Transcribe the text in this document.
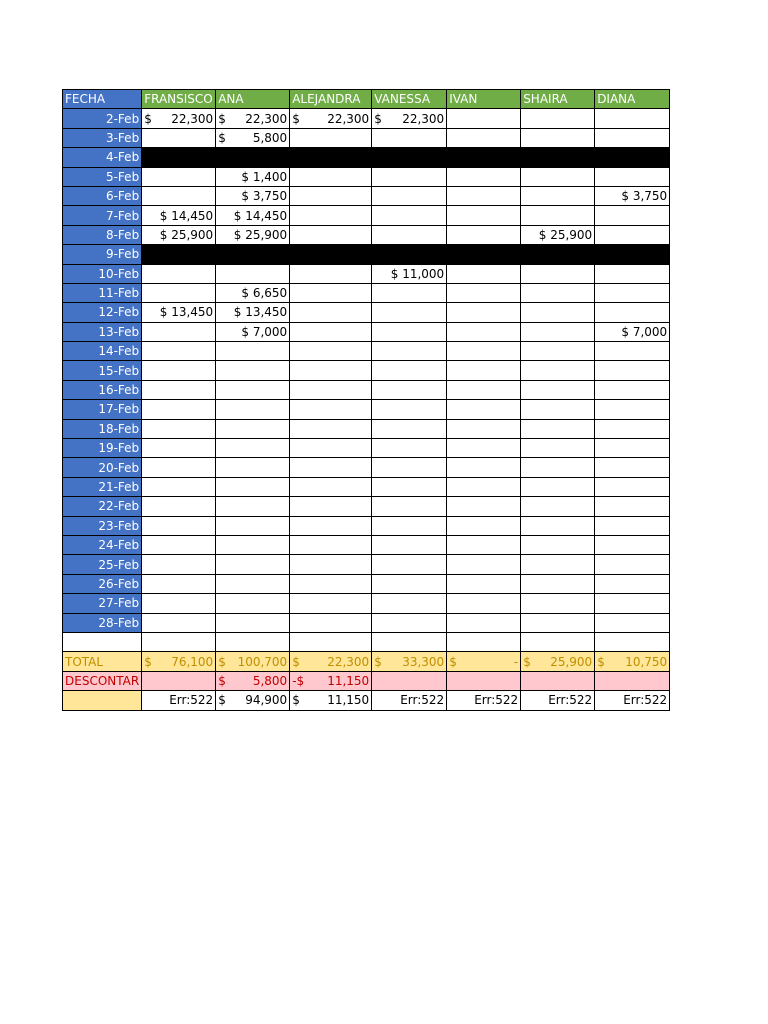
FECHA	FRANSISCO	ANA	ALEJANDRA	VANESSA	IVAN	SHAIRA	DIANA
2-Feb	$ 22,300	$ 22,300	$ 22,300	$ 22,300			

3-Feb		$ 5,800					

4-Feb							
5-Feb		$ 1,400					
6-Feb		$ 3,750					$ 3,750
7-Feb	$ 14,450	$ 14,450					
8-Feb	$ 25,900	$ 25,900				$ 25,900	
9-Feb							
10-Feb				$ 11,000			
11-Feb		$ 6,650					
12-Feb	$ 13,450	$ 13,450					
13-Feb		$ 7,000					$ 7,000
14-Feb							
15-Feb							
16-Feb							
17-Feb							
18-Feb							
19-Feb							
20-Feb							
21-Feb							
22-Feb							
23-Feb							
24-Feb							
25-Feb							
26-Feb							
27-Feb							
28-Feb							

TOTAL	$ 76,100	$ 100,700	$ 22,300	$ 33,300	$ -	$ 25,900	$ 10,750

DESCONTAR		$ 5,800	-$ 11,150				

	Err:522	$ 94,900	$ 11,150	Err:522	Err:522	Err:522	Err:522
